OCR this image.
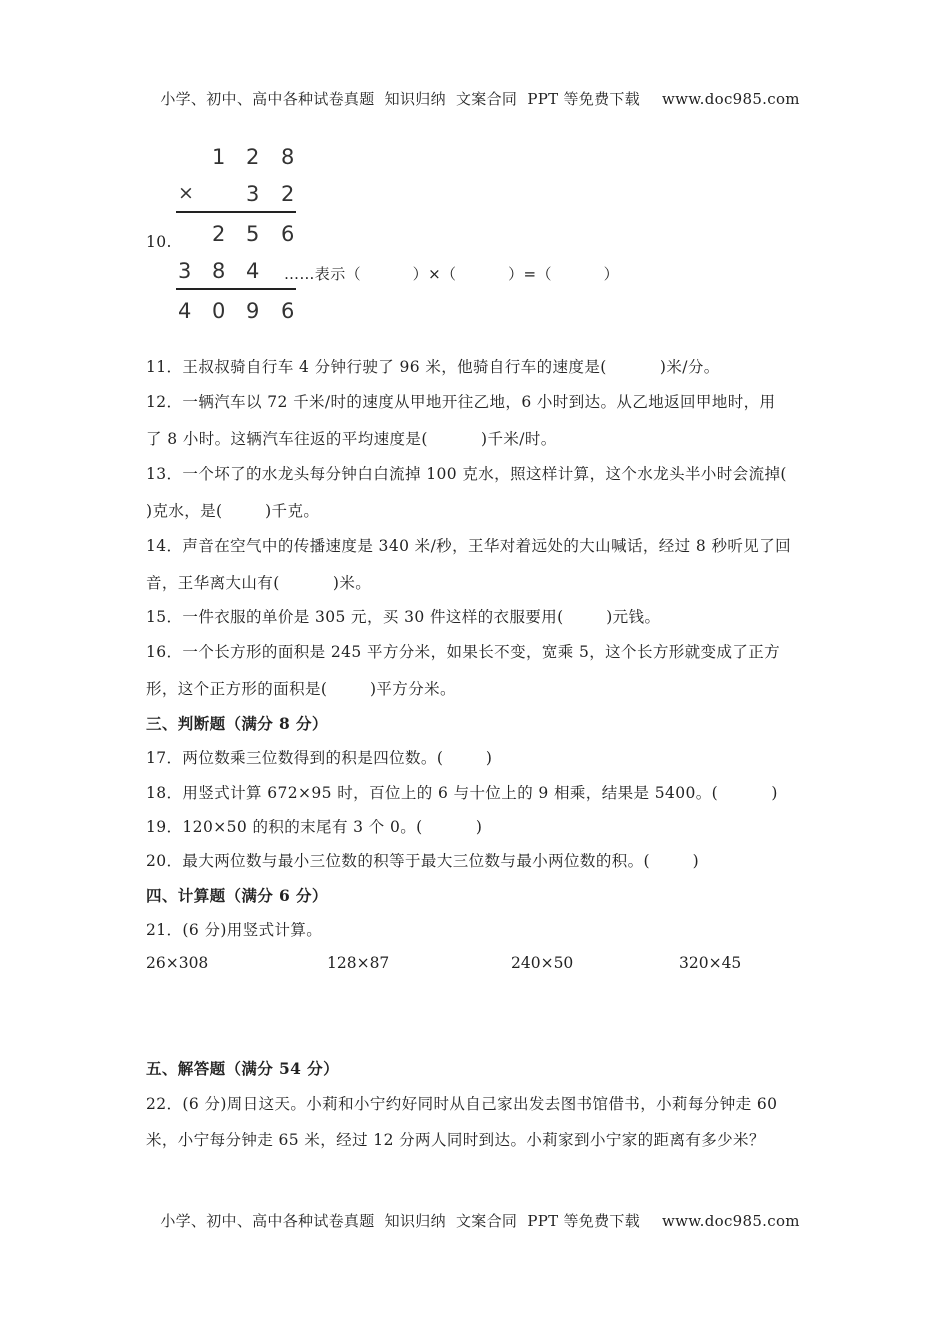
小学、初中、高中各种试卷真题  知识归纳  文案合同  PPT 等免费下载 www.doc985.com

10.
1 2 8
× 3 2
2 5 6
3 8 4 ……表示（          ）×（          ）=（          ）
4 0 9 6
11．王叔叔骑自行车 4 分钟行驶了 96 米，他骑自行车的速度是(          )米/分。
12．一辆汽车以 72 千米/时的速度从甲地开往乙地，6 小时到达。从乙地返回甲地时，用
了 8 小时。这辆汽车往返的平均速度是(          )千米/时。
13．一个坏了的水龙头每分钟白白流掉 100 克水，照这样计算，这个水龙头半小时会流掉(
)克水，是(        )千克。
14．声音在空气中的传播速度是 340 米/秒，王华对着远处的大山喊话，经过 8 秒听见了回
音，王华离大山有(          )米。
15．一件衣服的单价是 305 元，买 30 件这样的衣服要用(        )元钱。
16．一个长方形的面积是 245 平方分米，如果长不变，宽乘 5，这个长方形就变成了正方
形，这个正方形的面积是(        )平方分米。
三、判断题（满分 8 分）
17．两位数乘三位数得到的积是四位数。(        )
18．用竖式计算 672×95 时，百位上的 6 与十位上的 9 相乘，结果是 5400。(          )
19．120×50 的积的末尾有 3 个 0。(          )
20．最大两位数与最小三位数的积等于最大三位数与最小两位数的积。(        )
四、计算题（满分 6 分）
21．(6 分)用竖式计算。
26×308	128×87	240×50	320×45
五、解答题（满分 54 分）
22．(6 分)周日这天。小莉和小宁约好同时从自己家出发去图书馆借书，小莉每分钟走 60
米，小宁每分钟走 65 米，经过 12 分两人同时到达。小莉家到小宁家的距离有多少米？

小学、初中、高中各种试卷真题  知识归纳  文案合同  PPT 等免费下载 www.doc985.com
